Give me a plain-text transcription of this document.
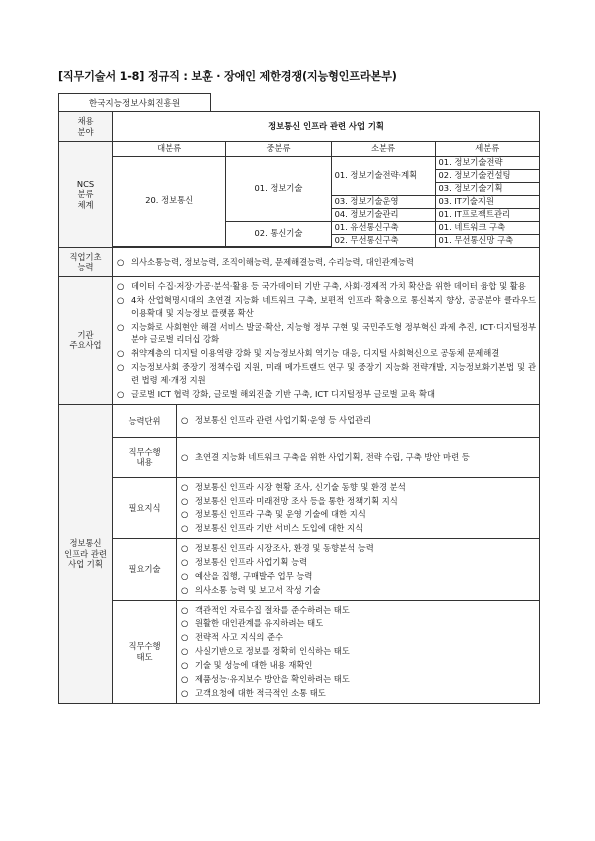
[직무기술서 1-8] 정규직 : 보훈 · 장애인 제한경쟁(지능형인프라본부)
한국지능정보사회진흥원
채용
분야	정보통신 인프라 관련 사업 기획
NCS
분류
체계	
대분류	중분류	소분류	세분류
20. 정보통신	01. 정보기술	01. 정보기술전략·계획	01. 정보기술전략
02. 정보기술컨설팅
03. 정보기술기획
03. 정보기술운영	03. IT기술지원
04. 정보기술관리	01. IT프로젝트관리
02. 통신기술	01. 유선통신구축	01. 네트워크 구축
02. 무선통신구축	01. 무선통신망 구축

직업기초
능력	
○ 의사소통능력, 정보능력, 조직이해능력, 문제해결능력, 수리능력, 대인관계능력

기관
주요사업	
○ 데이터 수집·저장·가공·분석·활용 등 국가데이터 기반 구축, 사회·경제적 가치 확산을 위한 데이터 융합 및 활용
○ 4차 산업혁명시대의 초연결 지능화 네트워크 구축, 보편적 인프라 확충으로 통신복지 향상, 공공분야 클라우드 이용확대 및 지능정보 플랫폼 확산
○ 지능화로 사회현안 해결 서비스 발굴·확산, 지능형 정부 구현 및 국민주도형 정부혁신 과제 추진, ICT·디지털정부 분야 글로벌 리더십 강화
○ 취약계층의 디지털 이용역량 강화 및 지능정보사회 역기능 대응, 디지털 사회혁신으로 공동체 문제해결
○ 지능정보사회 중장기 정책수립 지원, 미래 메가트랜드 연구 및 중장기 지능화 전략개발, 지능정보화기본법 및 관련 법령 제·개정 지원
○ 글로벌 ICT 협력 강화, 글로벌 해외진출 기반 구축, ICT 디지털정부 글로벌 교육 확대

정보통신
인프라 관련
사업 기획	능력단위	
○정보통신 인프라 관련 사업기획·운영 등 사업관리

직무수행
내용	
○ 초연결 지능화 네트워크 구축을 위한 사업기획, 전략 수립, 구축 방안 마련 등

필요지식	
○ 정보통신 인프라 시장 현황 조사, 신기술 동향 및 환경 분석
○ 정보통신 인프라 미래전망 조사 등을 통한 정책기획 지식
○ 정보통신 인프라 구축 및 운영 기술에 대한 지식
○ 정보통신 인프라 기반 서비스 도입에 대한 지식

필요기술	
○ 정보통신 인프라 시장조사, 환경 및 동향분석 능력
○ 정보통신 인프라 사업기획 능력
○ 예산을 집행, 구매발주 업무 능력
○ 의사소통 능력 및 보고서 작성 기술

직무수행
태도	
○ 객관적인 자료수집 절차를 준수하려는 태도
○ 원활한 대인관계를 유지하려는 태도
○ 전략적 사고 지식의 준수
○ 사실기반으로 정보를 정확히 인식하는 태도
○ 기술 및 성능에 대한 내용 재확인
○ 제품성능·유지보수 방안을 확인하려는 태도
○ 고객요청에 대한 적극적인 소통 태도
